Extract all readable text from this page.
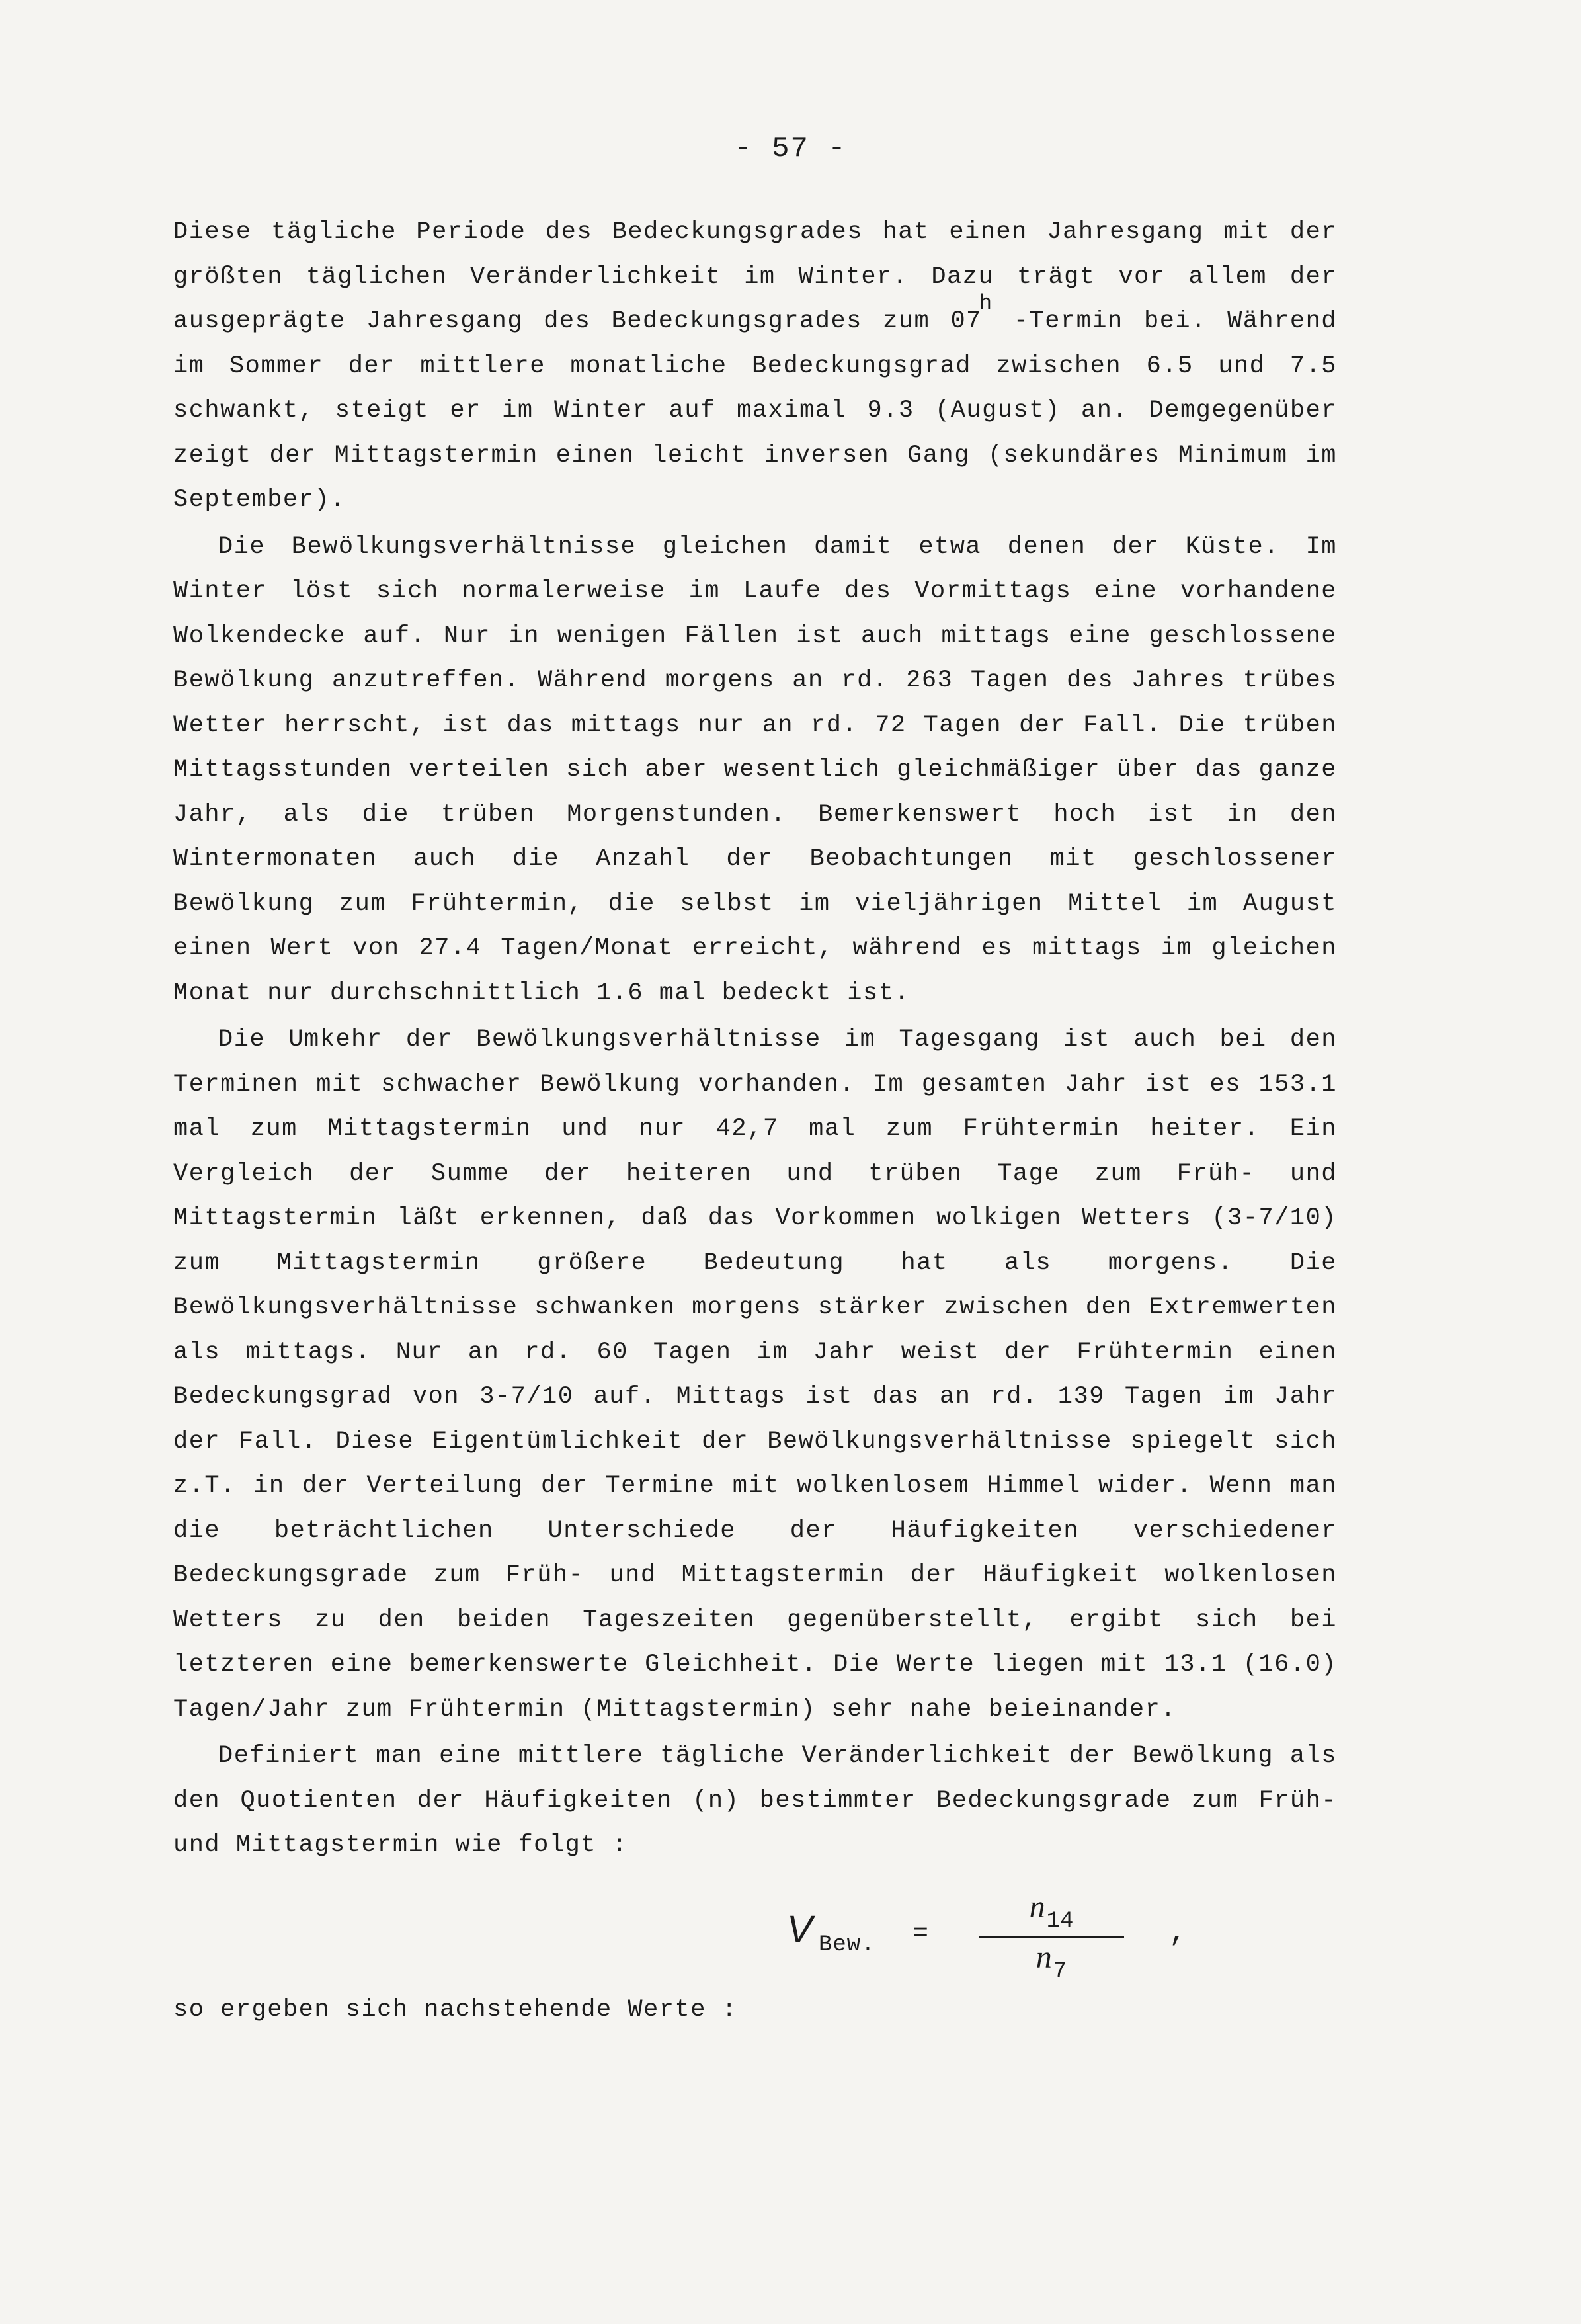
- 57 -

Diese tägliche Periode des Bedeckungsgrades hat einen Jahresgang mit der größten täglichen Veränderlichkeit im Winter. Dazu trägt vor allem der ausgeprägte Jahresgang des Bedeckungsgrades zum 07h -Termin bei. Während im Sommer der mittlere monatliche Bedeckungsgrad zwischen 6.5 und 7.5 schwankt, steigt er im Winter auf maximal 9.3 (August) an. Demgegenüber zeigt der Mittagstermin einen leicht inversen Gang (sekundäres Minimum im September).

Die Bewölkungsverhältnisse gleichen damit etwa denen der Küste. Im Winter löst sich normalerweise im Laufe des Vormittags eine vorhandene Wolkendecke auf. Nur in wenigen Fällen ist auch mittags eine geschlossene Bewölkung anzutreffen. Während morgens an rd. 263 Tagen des Jahres trübes Wetter herrscht, ist das mittags nur an rd. 72 Tagen der Fall. Die trüben Mittagsstunden verteilen sich aber wesentlich gleichmäßiger über das ganze Jahr, als die trüben Morgenstunden. Bemerkenswert hoch ist in den Wintermonaten auch die Anzahl der Beobachtungen mit geschlossener Bewölkung zum Frühtermin, die selbst im vieljährigen Mittel im August einen Wert von 27.4 Tagen/Monat erreicht, während es mittags im gleichen Monat nur durchschnittlich 1.6 mal bedeckt ist.

Die Umkehr der Bewölkungsverhältnisse im Tagesgang ist auch bei den Terminen mit schwacher Bewölkung vorhanden. Im gesamten Jahr ist es 153.1 mal zum Mittagstermin und nur 42,7 mal zum Frühtermin heiter. Ein Vergleich der Summe der heiteren und trüben Tage zum Früh- und Mittagstermin läßt erkennen, daß das Vorkommen wolkigen Wetters (3-7/10) zum Mittagstermin größere Bedeutung hat als morgens. Die Bewölkungsverhältnisse schwanken morgens stärker zwischen den Extremwerten als mittags. Nur an rd. 60 Tagen im Jahr weist der Frühtermin einen Bedeckungsgrad von 3-7/10 auf. Mittags ist das an rd. 139 Tagen im Jahr der Fall. Diese Eigentümlichkeit der Bewölkungsverhältnisse spiegelt sich z.T. in der Verteilung der Termine mit wolkenlosem Himmel wider. Wenn man die beträchtlichen Unterschiede der Häufigkeiten verschiedener Bedeckungsgrade zum Früh- und Mittagstermin der Häufigkeit wolkenlosen Wetters zu den beiden Tageszeiten gegenüberstellt, ergibt sich bei letzteren eine bemerkenswerte Gleichheit. Die Werte liegen mit 13.1 (16.0) Tagen/Jahr zum Frühtermin (Mittagstermin) sehr nahe beieinander.

Definiert man eine mittlere tägliche Veränderlichkeit der Bewölkung als den Quotienten der Häufigkeiten (n) bestimmter Bedeckungsgrade zum Früh- und Mittagstermin wie folgt :

V Bew. =
$n_{14}$
$n_7$
,
so ergeben sich nachstehende Werte :
